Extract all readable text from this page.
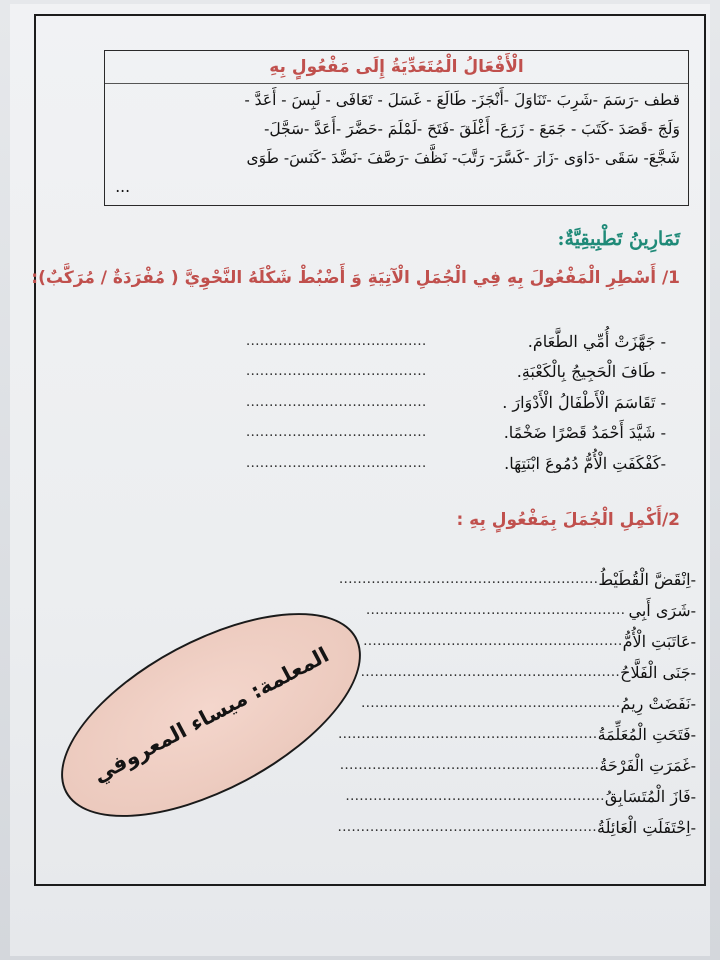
الْأَفْعَالُ الْمُتَعَدِّيَةُ إِلَى مَفْعُولٍ بِهِ
قطف -رَسَمَ -شَرِبَ -تَنَاوَلَ -أَنْجَزَ- طَالَعَ - غَسَلَ - تَعَافَى - لَبِسَ - أَعَدَّ -
وَلَجَ -قَصَدَ -كَتَبَ - جَمَعَ - زَرَعَ- أَغْلَقَ -فَتَحَ -لَمْلَمَ -حَضَّرَ -أَعَدَّ -سَجَّلَ-
شَجَّعَ- سَقَى -دَاوَى -زَارَ -كَسَّرَ- رَتَّبَ- نَظَّفَ -رَصَّفَ -نَضَّدَ -كَنَسَ- طَوَى
...
تَمَارِينُ تَطْبِيقِيَّةٌ:
1/ أَسْطِرِ الْمَفْعُولَ بِهِ فِي الْجُمَلِ الْآتِيَةِ وَ أَضْبُطْ شَكْلَهُ النَّحْوِيَّ ( مُفْرَدَةٌ / مُرَكَّبٌ):
- جَهَّزَتْ أُمِّي الطَّعَامَ.
.......................................
- طَافَ الْحَجِيجُ بِالْكَعْبَةِ.
.......................................
- تَقَاسَمَ الْأَطْفَالُ الْأَدْوَارَ .
.......................................
- شَيَّدَ أَحْمَدُ قَصْرًا ضَخْمًا.
.......................................
-كَفْكَفَتِ الْأُمُّ دُمُوعَ ابْنَتِهَا.
.......................................
2/أَكْمِلِ الْجُمَلَ بِمَفْعُولٍ بِهِ :
-اِنْقَضَّ الْقُطَيْطُ
........................................................
-شَرَى أَبِي
........................................................
-عَاتَبَتِ الْأُمُّ
........................................................
-جَنَى الْفَلَّاحُ
........................................................
-نَفَضَتْ رِيمُ
........................................................
-فَتَحَتِ الْمُعَلِّمَةُ
........................................................
-غَمَرَتِ الْفَرْحَةُ
........................................................
-فَازَ الْمُتَسَابِقُ
........................................................
-اِحْتَفَلَتِ الْعَائِلَةُ
........................................................
المعلمة: ميساء المعروفي
